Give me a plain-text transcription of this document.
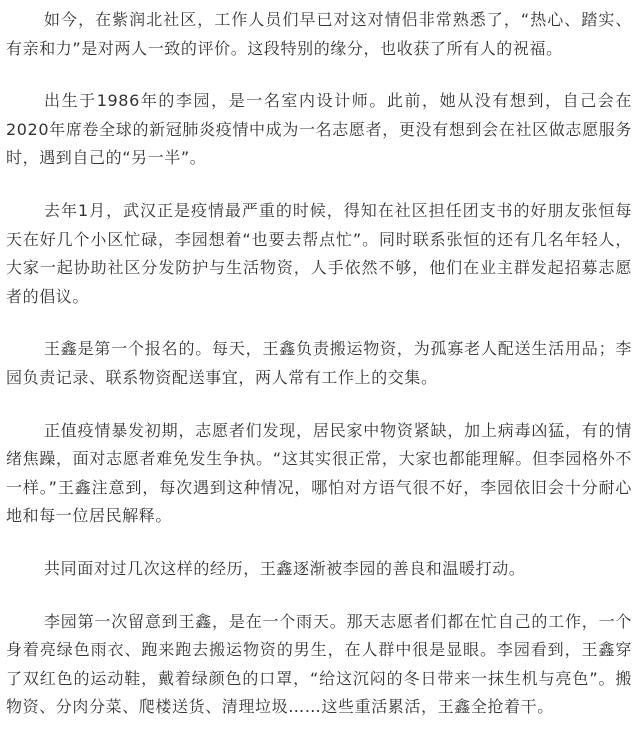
如今，在紫润北社区，工作人员们早已对这对情侣非常熟悉了，“热心、踏实、有亲和力”是对两人一致的评价。这段特别的缘分，也收获了所有人的祝福。

出生于1986年的李园，是一名室内设计师。此前，她从没有想到，自己会在2020年席卷全球的新冠肺炎疫情中成为一名志愿者，更没有想到会在社区做志愿服务时，遇到自己的“另一半”。

去年1月，武汉正是疫情最严重的时候，得知在社区担任团支书的好朋友张恒每天在好几个小区忙碌，李园想着“也要去帮点忙”。同时联系张恒的还有几名年轻人，大家一起协助社区分发防护与生活物资，人手依然不够，他们在业主群发起招募志愿者的倡议。

王鑫是第一个报名的。每天，王鑫负责搬运物资，为孤寡老人配送生活用品；李园负责记录、联系物资配送事宜，两人常有工作上的交集。

正值疫情暴发初期，志愿者们发现，居民家中物资紧缺，加上病毒凶猛，有的情绪焦躁，面对志愿者难免发生争执。“这其实很正常，大家也都能理解。但李园格外不一样。”王鑫注意到，每次遇到这种情况，哪怕对方语气很不好，李园依旧会十分耐心地和每一位居民解释。

共同面对过几次这样的经历，王鑫逐渐被李园的善良和温暖打动。

李园第一次留意到王鑫，是在一个雨天。那天志愿者们都在忙自己的工作，一个身着亮绿色雨衣、跑来跑去搬运物资的男生，在人群中很是显眼。李园看到，王鑫穿了双红色的运动鞋，戴着绿颜色的口罩，“给这沉闷的冬日带来一抹生机与亮色”。搬物资、分肉分菜、爬楼送货、清理垃圾……这些重活累活，王鑫全抢着干。
